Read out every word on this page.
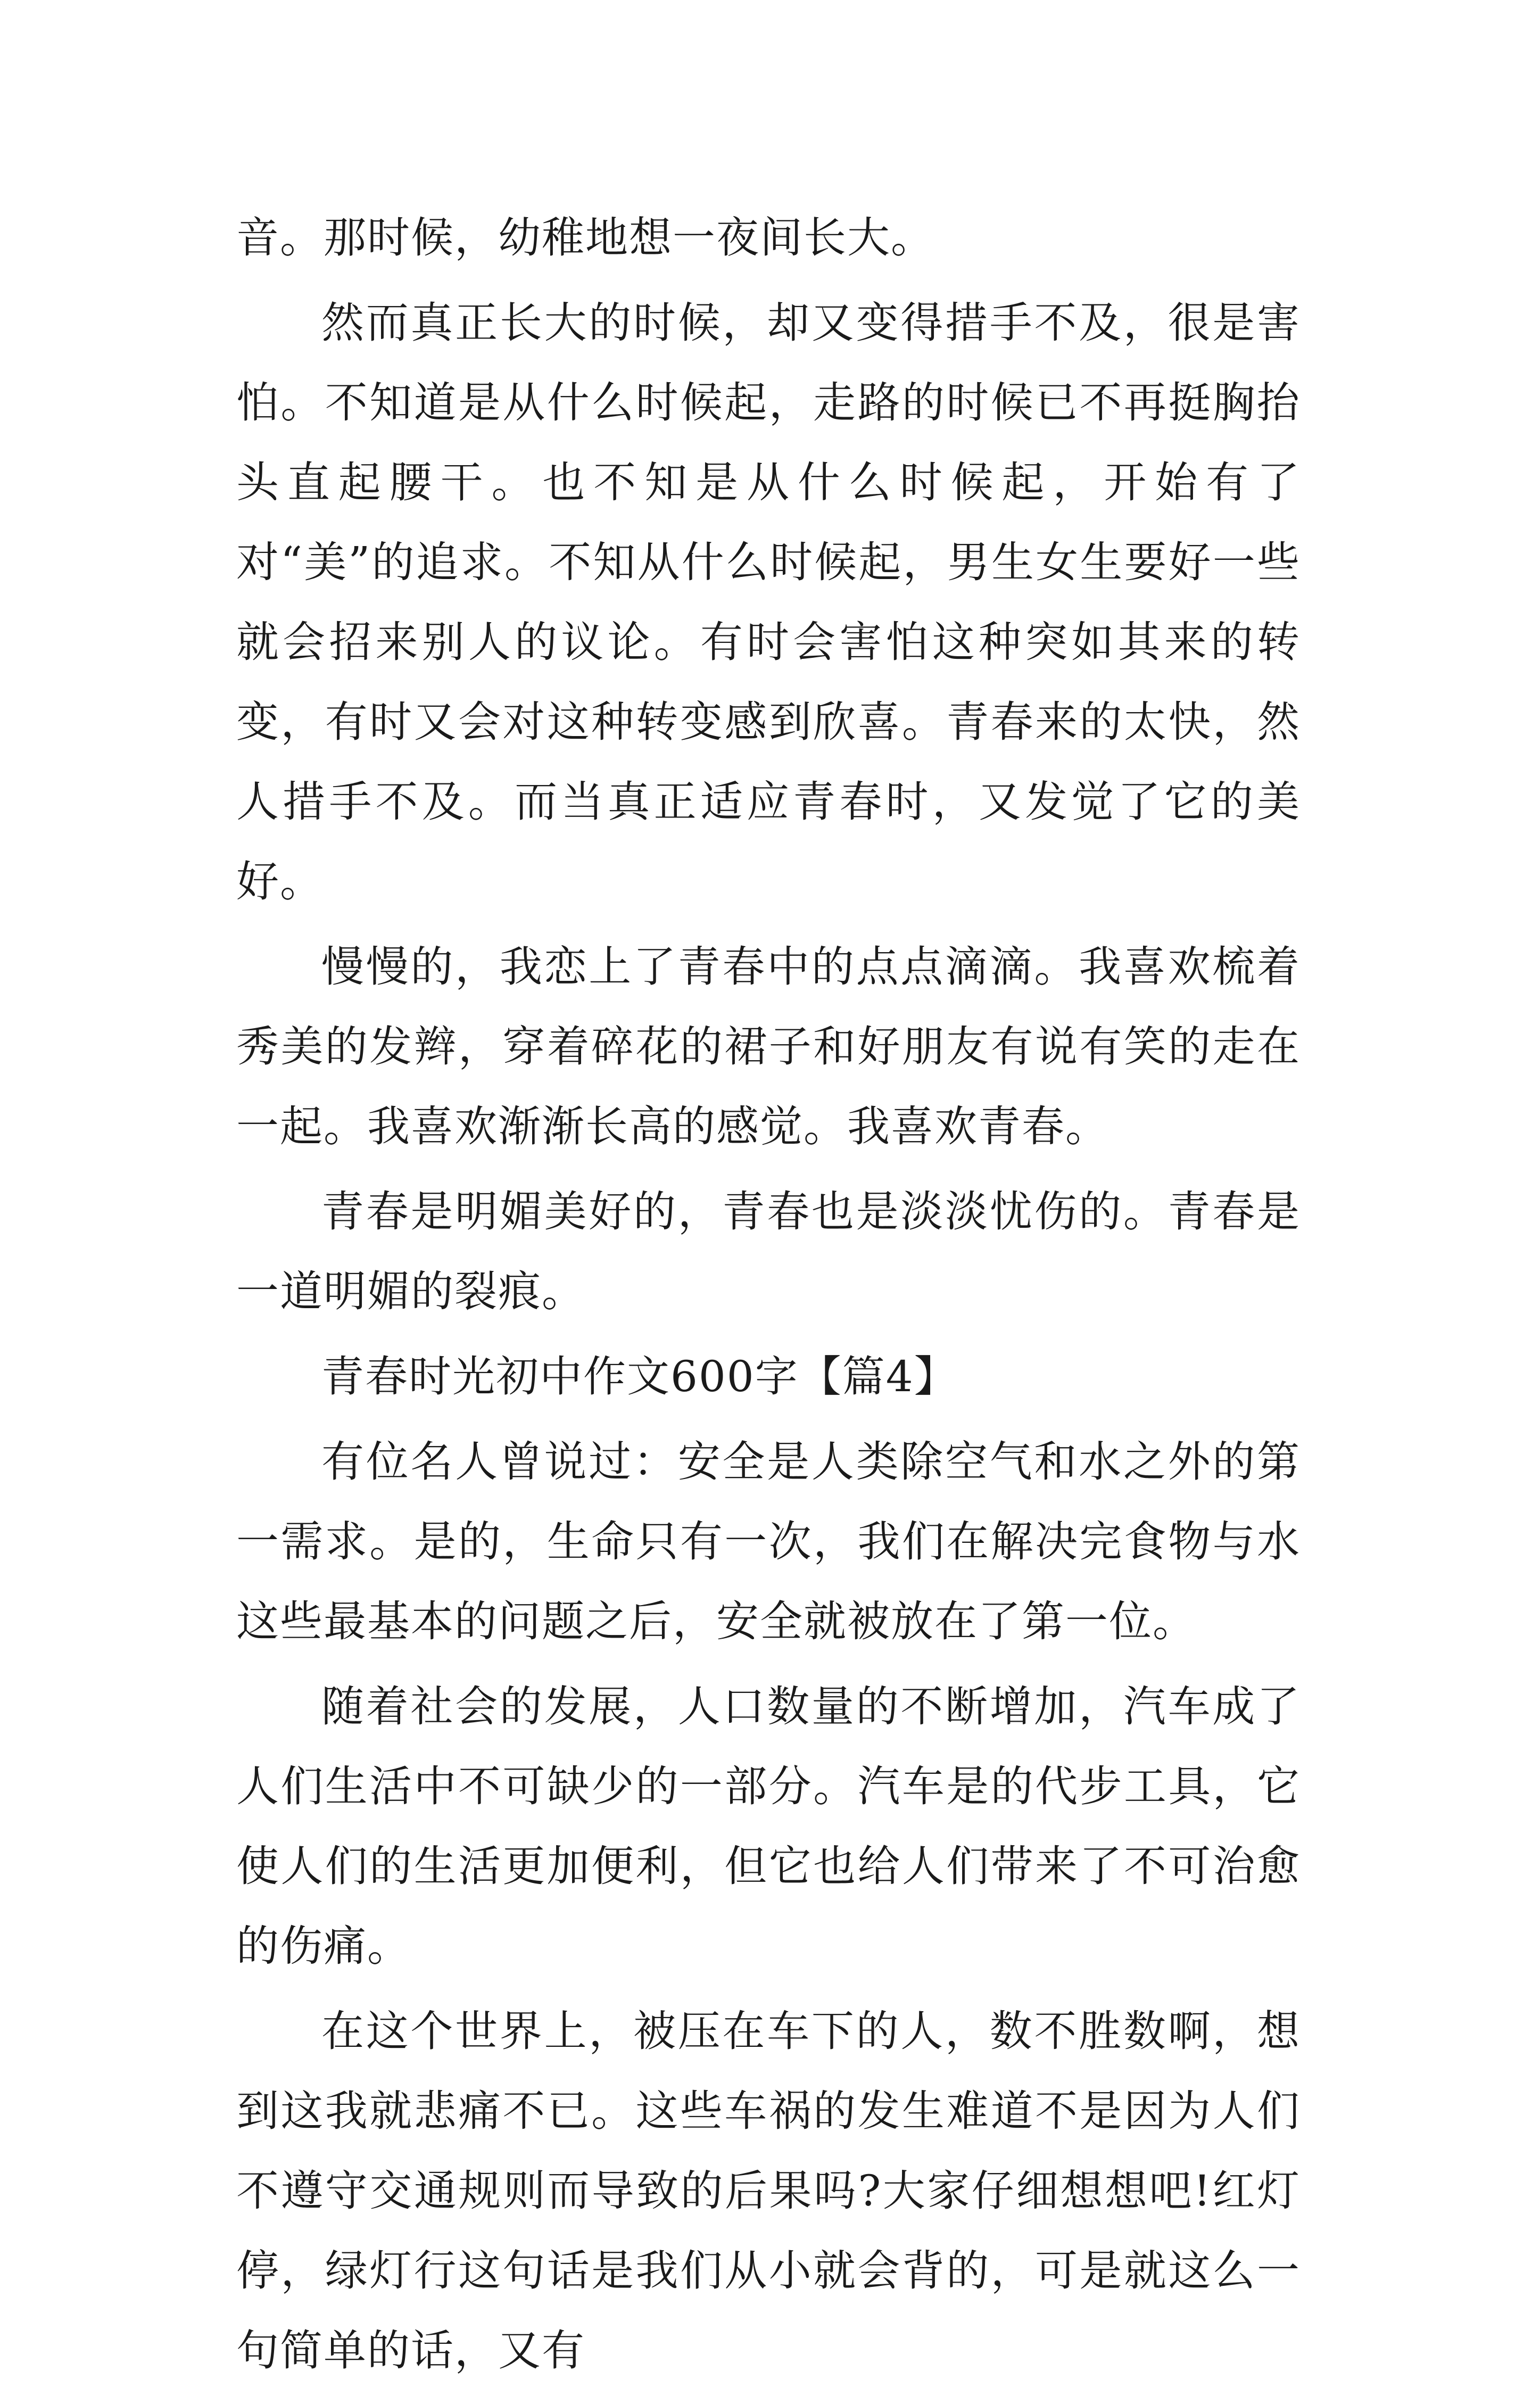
音。那时候，幼稚地想一夜间长大。

然而真正长大的时候，却又变得措手不及，很是害怕。不知道是从什么时候起，走路的时候已不再挺胸抬头直起腰干。也不知是从什么时候起，开始有了对“美”的追求。不知从什么时候起，男生女生要好一些就会招来别人的议论。有时会害怕这种突如其来的转变，有时又会对这种转变感到欣喜。青春来的太快，然人措手不及。而当真正适应青春时，又发觉了它的美好。

慢慢的，我恋上了青春中的点点滴滴。我喜欢梳着秀美的发辫，穿着碎花的裙子和好朋友有说有笑的走在一起。我喜欢渐渐长高的感觉。我喜欢青春。

青春是明媚美好的，青春也是淡淡忧伤的。青春是一道明媚的裂痕。

青春时光初中作文600字【篇4】

有位名人曾说过：安全是人类除空气和水之外的第一需求。是的，生命只有一次，我们在解决完食物与水这些最基本的问题之后，安全就被放在了第一位。

随着社会的发展，人口数量的不断增加，汽车成了人们生活中不可缺少的一部分。汽车是的代步工具，它使人们的生活更加便利，但它也给人们带来了不可治愈的伤痛。

在这个世界上，被压在车下的人，数不胜数啊，想到这我就悲痛不已。这些车祸的发生难道不是因为人们不遵守交通规则而导致的后果吗?大家仔细想想吧!红灯停，绿灯行这句话是我们从小就会背的，可是就这么一句简单的话，又有
